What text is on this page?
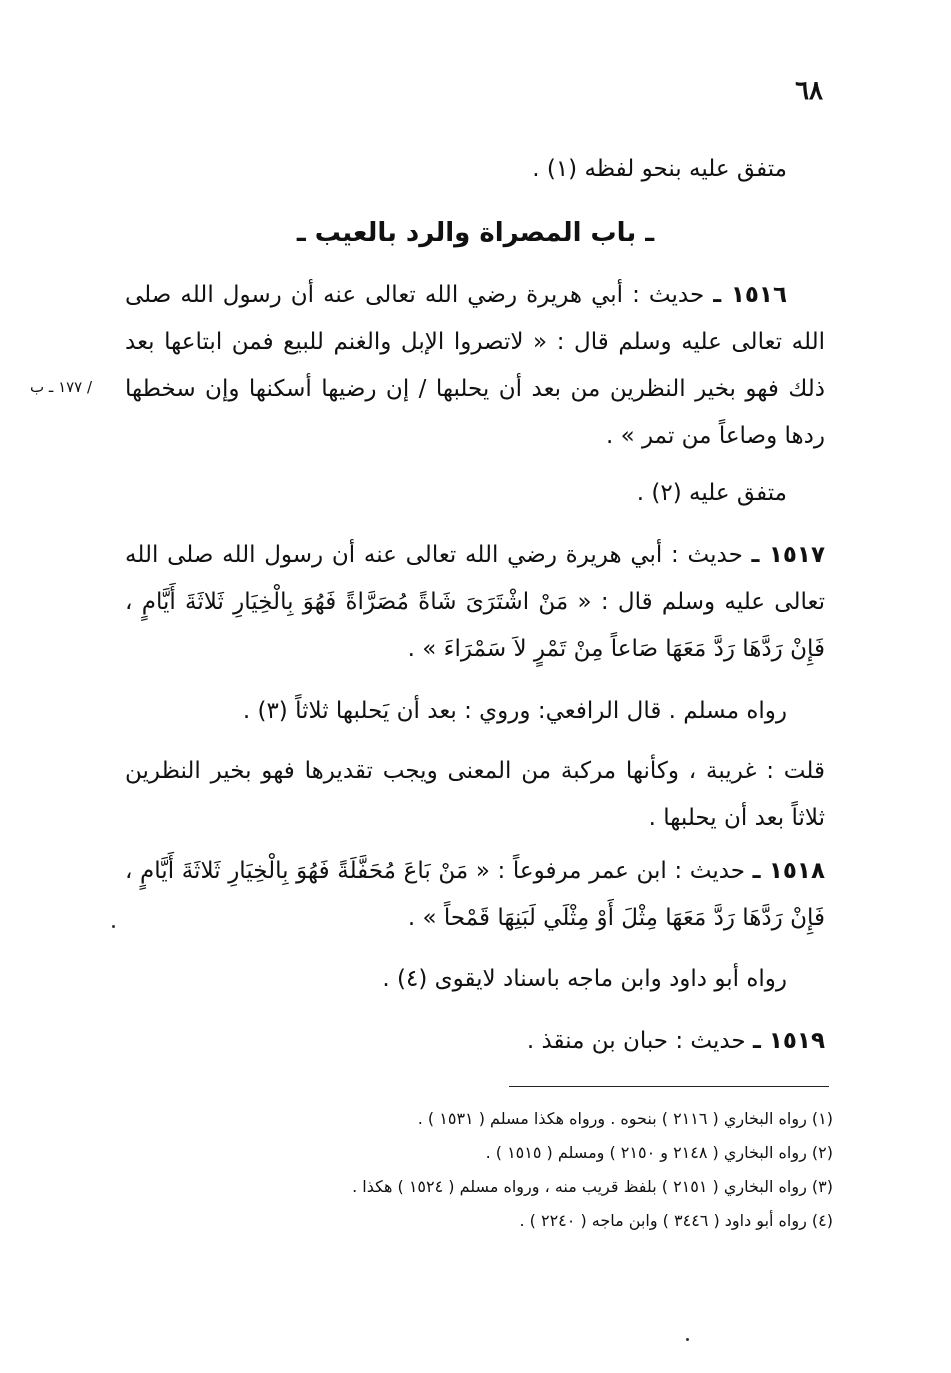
٦٨
متفق عليه بنحو لفظه (١) .
ـ باب المصراة والرد بالعيب ـ
١٥١٦ ـ حديث : أبي هريرة رضي الله تعالى عنه أن رسول الله صلى الله تعالى عليه وسلم قال : « لاتصروا الإبل والغنم للبيع فمن ابتاعها بعد ذلك فهو بخير النظرين من بعد أن يحلبها / إن رضيها أسكنها وإن سخطها ردها وصاعاً من تمر » .
/ ١٧٧ ـ ب
متفق عليه (٢) .
١٥١٧ ـ حديث : أبي هريرة رضي الله تعالى عنه أن رسول الله صلى الله تعالى عليه وسلم قال : « مَنْ اشْتَرَىَ شَاةً مُصَرَّاةً فَهُوَ بِالْخِيَارِ ثَلاثَةَ أَيَّامٍ ، فَإِنْ رَدَّهَا رَدَّ مَعَهَا صَاعاً مِنْ تَمْرٍ لاَ سَمْرَاءَ » .
رواه مسلم . قال الرافعي: وروي : بعد أن يَحلبها ثلاثاً (٣) .
قلت : غريبة ، وكأنها مركبة من المعنى ويجب تقديرها فهو بخير النظرين ثلاثاً بعد أن يحلبها .
١٥١٨ ـ حديث : ابن عمر مرفوعاً : « مَنْ بَاعَ مُحَفَّلَةً فَهُوَ بِالْخِيَارِ ثَلاثَةَ أَيَّامٍ ، فَإِنْ رَدَّهَا رَدَّ مَعَهَا مِثْلَ أَوْ مِثْلَي لَبَنِهَا قَمْحاً » .
رواه أبو داود وابن ماجه باسناد لايقوى (٤) .
١٥١٩ ـ حديث : حبان بن منقذ .
(١) رواه البخاري ( ٢١١٦ ) بنحوه . ورواه هكذا مسلم ( ١٥٣١ ) .
(٢) رواه البخاري ( ٢١٤٨ و ٢١٥٠ ) ومسلم ( ١٥١٥ ) .
(٣) رواه البخاري ( ٢١٥١ ) بلفظ قريب منه ، ورواه مسلم ( ١٥٢٤ ) هكذا .
(٤) رواه أبو داود ( ٣٤٤٦ ) وابن ماجه ( ٢٢٤٠ ) .
